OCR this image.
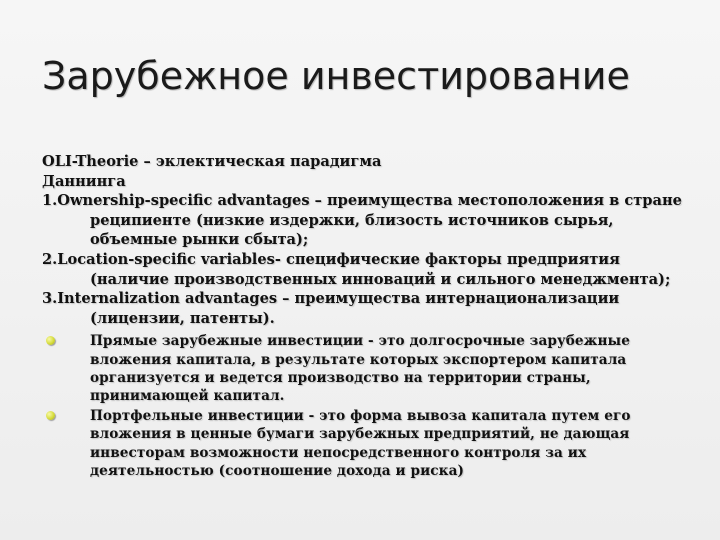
Зарубежное инвестирование

OLI-Theorie – эклектическая парадигма

Даннинга

1.Ownership-specific advantages – преимущества местоположения в стране реципиенте (низкие издержки, близость источников сырья, объемные рынки сбыта);

2.Location-specific variables- специфические факторы предприятия (наличие производственных инноваций и сильного менеджмента);

3.Internalization advantages – преимущества интернационализации (лицензии, патенты).

Прямые зарубежные инвестиции - это долгосрочные зарубежные вложения капитала, в результате которых экспортером капитала организуется и ведется производство на территории страны, принимающей капитал.
Портфельные инвестиции - это форма вывоза капитала путем его вложения в ценные бумаги зарубежных предприятий, не дающая инвесторам возможности непосредственного контроля за их деятельностью (соотношение дохода и риска)
